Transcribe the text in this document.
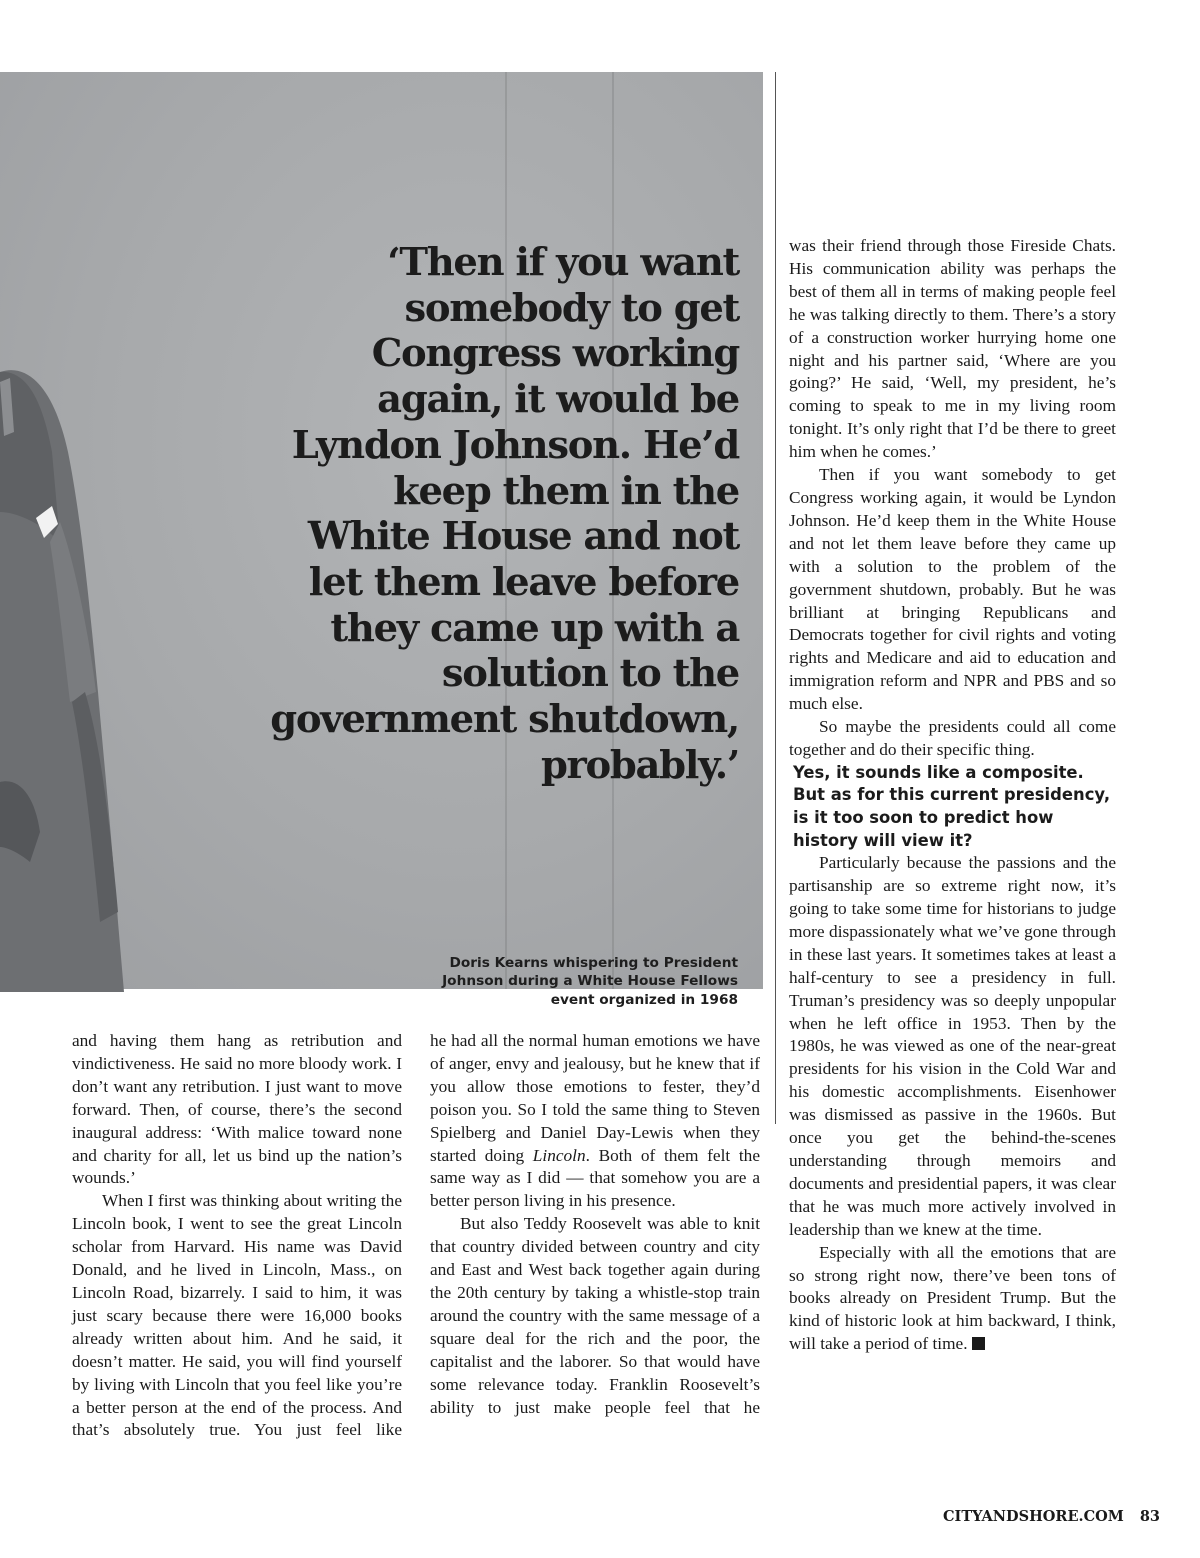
‘Then if you want somebody to get Congress working again, it would be Lyndon Johnson. He’d keep them in the White House and not let them leave before they came up with a solution to the government shutdown, probably.’

Doris Kearns whispering to President Johnson during a White House Fellows event organized in 1968

and having them hang as retribution and vindictiveness. He said no more bloody work. I don’t want any retribution. I just want to move forward. Then, of course, there’s the second inaugural address: ‘With malice toward none and charity for all, let us bind up the nation’s wounds.’

When I first was thinking about writing the Lincoln book, I went to see the great Lincoln scholar from Harvard. His name was David Donald, and he lived in Lincoln, Mass., on Lincoln Road, bizarrely. I said to him, it was just scary because there were 16,000 books already written about him. And he said, it doesn’t matter. He said, you will find yourself by living with Lincoln that you feel like you’re a better person at the end of the process. And that’s absolutely true. You just feel like

he had all the normal human emotions we have of anger, envy and jealousy, but he knew that if you allow those emotions to fester, they’d poison you. So I told the same thing to Steven Spielberg and Daniel Day-Lewis when they started doing Lincoln. Both of them felt the same way as I did — that somehow you are a better person living in his presence.

But also Teddy Roosevelt was able to knit that country divided between country and city and East and West back together again during the 20th century by taking a whistle-stop train around the country with the same message of a square deal for the rich and the poor, the capitalist and the laborer. So that would have some relevance today. Franklin Roosevelt’s ability to just make people feel that he

was their friend through those Fireside Chats. His communication ability was perhaps the best of them all in terms of making people feel he was talking directly to them. There’s a story of a construction worker hurrying home one night and his partner said, ‘Where are you going?’ He said, ‘Well, my president, he’s coming to speak to me in my living room tonight. It’s only right that I’d be there to greet him when he comes.’

Then if you want somebody to get Congress working again, it would be Lyndon Johnson. He’d keep them in the White House and not let them leave before they came up with a solution to the problem of the government shutdown, probably. But he was brilliant at bringing Republicans and Democrats together for civil rights and voting rights and Medicare and aid to education and immigration reform and NPR and PBS and so much else.

So maybe the presidents could all come together and do their specific thing.

Yes, it sounds like a composite. But as for this current presidency, is it too soon to predict how history will view it?

Particularly because the passions and the partisanship are so extreme right now, it’s going to take some time for historians to judge more dispassionately what we’ve gone through in these last years. It sometimes takes at least a half-century to see a presidency in full. Truman’s presidency was so deeply unpopular when he left office in 1953. Then by the 1980s, he was viewed as one of the near-great presidents for his vision in the Cold War and his domestic accomplishments. Eisenhower was dismissed as passive in the 1960s. But once you get the behind-the-scenes understanding through memoirs and documents and presidential papers, it was clear that he was much more actively involved in leadership than we knew at the time.

Especially with all the emotions that are so strong right now, there’ve been tons of books already on President Trump. But the kind of historic look at him backward, I think, will take a period of time.

CITYANDSHORE.COM 83
